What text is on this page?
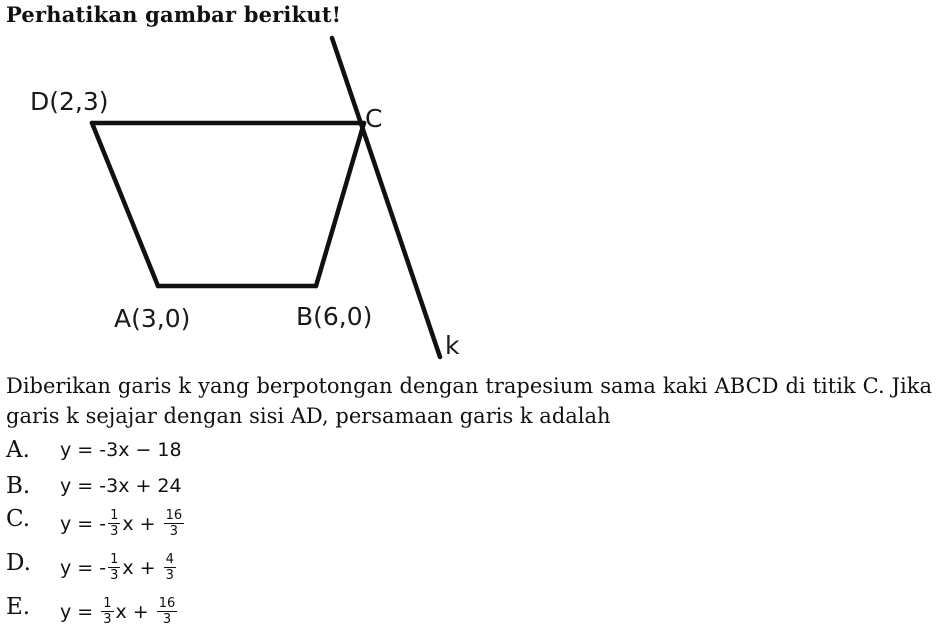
Perhatikan gambar berikut!
D(2,3)
C
A(3,0)	B(6,0)
k
Diberikan garis k yang berpotongan dengan trapesium sama kaki ABCD di titik C. Jika garis k sejajar dengan sisi AD, persamaan garis k adalah
A. y = -3x − 18
B. y = -3x + 24
C. y = - $\frac{1}{3}$ $x + \frac{16}{3}$
D. y = - $\frac{1}{3}$ $x + \frac{4}{3}$
E. $y = \frac{1}{3}$ $x + \frac{16}{3}$
